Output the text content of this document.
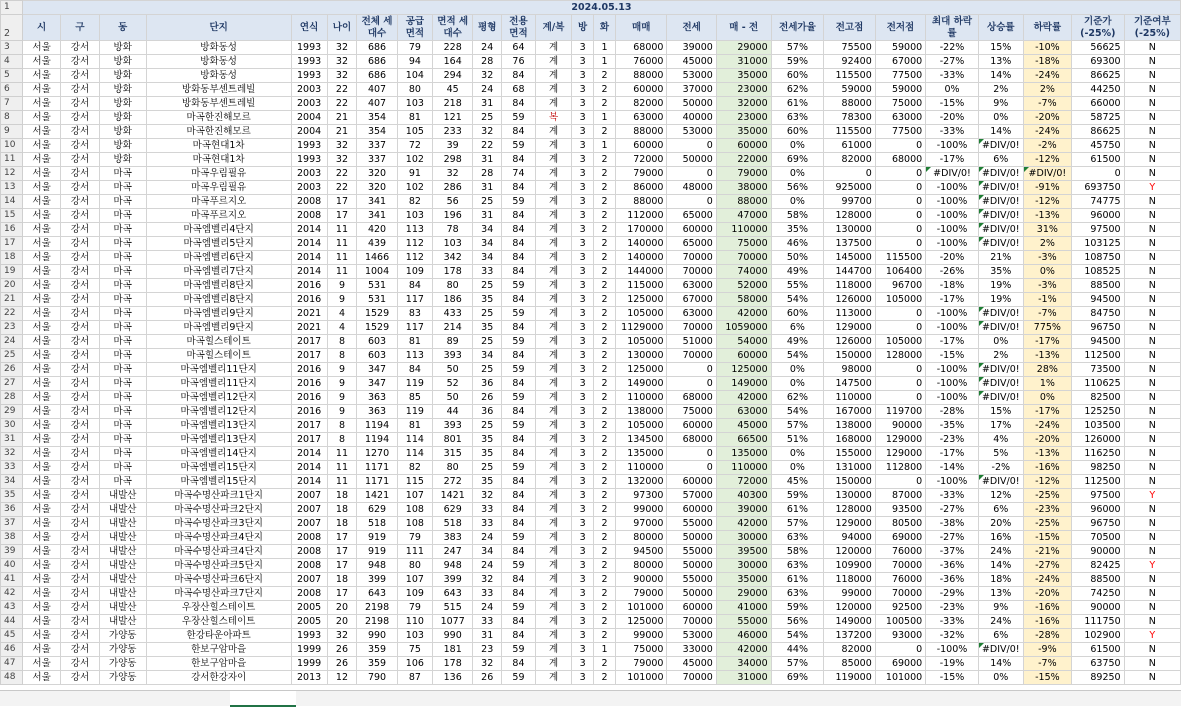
1	2024.05.13																								
2	시	구	동	단지	연식	나이	전체 세대수	공급 면적	면적 세대수	평형	전용 면적	계/복	방	화	매매	전세	매 - 전	전세가율	전고점	전저점	최대 하락률	상승률	하락률	기준가 (-25%)	기준여부 (-25%)
3	서울	강서	방화	방화동성	1993	32	686	79	228	24	64	계	3	1	68000	39000	29000	57%	75500	59000	-22%	15%	-10%	56625	N
4	서울	강서	방화	방화동성	1993	32	686	94	164	28	76	계	3	1	76000	45000	31000	59%	92400	67000	-27%	13%	-18%	69300	N
5	서울	강서	방화	방화동성	1993	32	686	104	294	32	84	계	3	2	88000	53000	35000	60%	115500	77500	-33%	14%	-24%	86625	N
6	서울	강서	방화	방화동부센트레빌	2003	22	407	80	45	24	68	계	3	2	60000	37000	23000	62%	59000	59000	0%	2%	2%	44250	N
7	서울	강서	방화	방화동부센트레빌	2003	22	407	103	218	31	84	계	3	2	82000	50000	32000	61%	88000	75000	-15%	9%	-7%	66000	N
8	서울	강서	방화	마곡한진해모르	2004	21	354	81	121	25	59	복	3	1	63000	40000	23000	63%	78300	63000	-20%	0%	-20%	58725	N
9	서울	강서	방화	마곡한진해모르	2004	21	354	105	233	32	84	계	3	2	88000	53000	35000	60%	115500	77500	-33%	14%	-24%	86625	N
10	서울	강서	방화	마곡현대1차	1993	32	337	72	39	22	59	계	3	1	60000	0	60000	0%	61000	0	-100%	#DIV/0!	-2%	45750	N
11	서울	강서	방화	마곡현대1차	1993	32	337	102	298	31	84	계	3	2	72000	50000	22000	69%	82000	68000	-17%	6%	-12%	61500	N
12	서울	강서	마곡	마곡우림필유	2003	22	320	91	32	28	74	계	3	2	79000	0	79000	0%	0	0	#DIV/0!	#DIV/0!	#DIV/0!	0	N
13	서울	강서	마곡	마곡우림필유	2003	22	320	102	286	31	84	계	3	2	86000	48000	38000	56%	925000	0	-100%	#DIV/0!	-91%	693750	Y
14	서울	강서	마곡	마곡푸르지오	2008	17	341	82	56	25	59	계	3	2	88000	0	88000	0%	99700	0	-100%	#DIV/0!	-12%	74775	N
15	서울	강서	마곡	마곡푸르지오	2008	17	341	103	196	31	84	계	3	2	112000	65000	47000	58%	128000	0	-100%	#DIV/0!	-13%	96000	N
16	서울	강서	마곡	마곡엠벨리4단지	2014	11	420	113	78	34	84	계	3	2	170000	60000	110000	35%	130000	0	-100%	#DIV/0!	31%	97500	N
17	서울	강서	마곡	마곡엠벨리5단지	2014	11	439	112	103	34	84	계	3	2	140000	65000	75000	46%	137500	0	-100%	#DIV/0!	2%	103125	N
18	서울	강서	마곡	마곡엠벨리6단지	2014	11	1466	112	342	34	84	계	3	2	140000	70000	70000	50%	145000	115500	-20%	21%	-3%	108750	N
19	서울	강서	마곡	마곡엠벨리7단지	2014	11	1004	109	178	33	84	계	3	2	144000	70000	74000	49%	144700	106400	-26%	35%	0%	108525	N
20	서울	강서	마곡	마곡엠벨리8단지	2016	9	531	84	80	25	59	계	3	2	115000	63000	52000	55%	118000	96700	-18%	19%	-3%	88500	N
21	서울	강서	마곡	마곡엠벨리8단지	2016	9	531	117	186	35	84	계	3	2	125000	67000	58000	54%	126000	105000	-17%	19%	-1%	94500	N
22	서울	강서	마곡	마곡엠벨리9단지	2021	4	1529	83	433	25	59	계	3	2	105000	63000	42000	60%	113000	0	-100%	#DIV/0!	-7%	84750	N
23	서울	강서	마곡	마곡엠벨리9단지	2021	4	1529	117	214	35	84	계	3	2	1129000	70000	1059000	6%	129000	0	-100%	#DIV/0!	775%	96750	N
24	서울	강서	마곡	마곡힐스테이트	2017	8	603	81	89	25	59	계	3	2	105000	51000	54000	49%	126000	105000	-17%	0%	-17%	94500	N
25	서울	강서	마곡	마곡힐스테이트	2017	8	603	113	393	34	84	계	3	2	130000	70000	60000	54%	150000	128000	-15%	2%	-13%	112500	N
26	서울	강서	마곡	마곡엠벨리11단지	2016	9	347	84	50	25	59	계	3	2	125000	0	125000	0%	98000	0	-100%	#DIV/0!	28%	73500	N
27	서울	강서	마곡	마곡엠벨리11단지	2016	9	347	119	52	36	84	계	3	2	149000	0	149000	0%	147500	0	-100%	#DIV/0!	1%	110625	N
28	서울	강서	마곡	마곡엠벨리12단지	2016	9	363	85	50	26	59	계	3	2	110000	68000	42000	62%	110000	0	-100%	#DIV/0!	0%	82500	N
29	서울	강서	마곡	마곡엠벨리12단지	2016	9	363	119	44	36	84	계	3	2	138000	75000	63000	54%	167000	119700	-28%	15%	-17%	125250	N
30	서울	강서	마곡	마곡엠벨리13단지	2017	8	1194	81	393	25	59	계	3	2	105000	60000	45000	57%	138000	90000	-35%	17%	-24%	103500	N
31	서울	강서	마곡	마곡엠벨리13단지	2017	8	1194	114	801	35	84	계	3	2	134500	68000	66500	51%	168000	129000	-23%	4%	-20%	126000	N
32	서울	강서	마곡	마곡엠벨리14단지	2014	11	1270	114	315	35	84	계	3	2	135000	0	135000	0%	155000	129000	-17%	5%	-13%	116250	N
33	서울	강서	마곡	마곡엠벨리15단지	2014	11	1171	82	80	25	59	계	3	2	110000	0	110000	0%	131000	112800	-14%	-2%	-16%	98250	N
34	서울	강서	마곡	마곡엠벨리15단지	2014	11	1171	115	272	35	84	계	3	2	132000	60000	72000	45%	150000	0	-100%	#DIV/0!	-12%	112500	N
35	서울	강서	내발산	마곡수명산파크1단지	2007	18	1421	107	1421	32	84	계	3	2	97300	57000	40300	59%	130000	87000	-33%	12%	-25%	97500	Y
36	서울	강서	내발산	마곡수명산파크2단지	2007	18	629	108	629	33	84	계	3	2	99000	60000	39000	61%	128000	93500	-27%	6%	-23%	96000	N
37	서울	강서	내발산	마곡수명산파크3단지	2007	18	518	108	518	33	84	계	3	2	97000	55000	42000	57%	129000	80500	-38%	20%	-25%	96750	N
38	서울	강서	내발산	마곡수명산파크4단지	2008	17	919	79	383	24	59	계	3	2	80000	50000	30000	63%	94000	69000	-27%	16%	-15%	70500	N
39	서울	강서	내발산	마곡수명산파크4단지	2008	17	919	111	247	34	84	계	3	2	94500	55000	39500	58%	120000	76000	-37%	24%	-21%	90000	N
40	서울	강서	내발산	마곡수명산파크5단지	2008	17	948	80	948	24	59	계	3	2	80000	50000	30000	63%	109900	70000	-36%	14%	-27%	82425	Y
41	서울	강서	내발산	마곡수명산파크6단지	2007	18	399	107	399	32	84	계	3	2	90000	55000	35000	61%	118000	76000	-36%	18%	-24%	88500	N
42	서울	강서	내발산	마곡수명산파크7단지	2008	17	643	109	643	33	84	계	3	2	79000	50000	29000	63%	99000	70000	-29%	13%	-20%	74250	N
43	서울	강서	내발산	우장산힐스테이트	2005	20	2198	79	515	24	59	계	3	2	101000	60000	41000	59%	120000	92500	-23%	9%	-16%	90000	N
44	서울	강서	내발산	우장산힐스테이트	2005	20	2198	110	1077	33	84	계	3	2	125000	70000	55000	56%	149000	100500	-33%	24%	-16%	111750	N
45	서울	강서	가양동	한강타운아파트	1993	32	990	103	990	31	84	계	3	2	99000	53000	46000	54%	137200	93000	-32%	6%	-28%	102900	Y
46	서울	강서	가양동	한보구암마을	1999	26	359	75	181	23	59	계	3	1	75000	33000	42000	44%	82000	0	-100%	#DIV/0!	-9%	61500	N
47	서울	강서	가양동	한보구암마을	1999	26	359	106	178	32	84	계	3	2	79000	45000	34000	57%	85000	69000	-19%	14%	-7%	63750	N
48	서울	강서	가양동	강서한강자이	2013	12	790	87	136	26	59	계	3	2	101000	70000	31000	69%	119000	101000	-15%	0%	-15%	89250	N
